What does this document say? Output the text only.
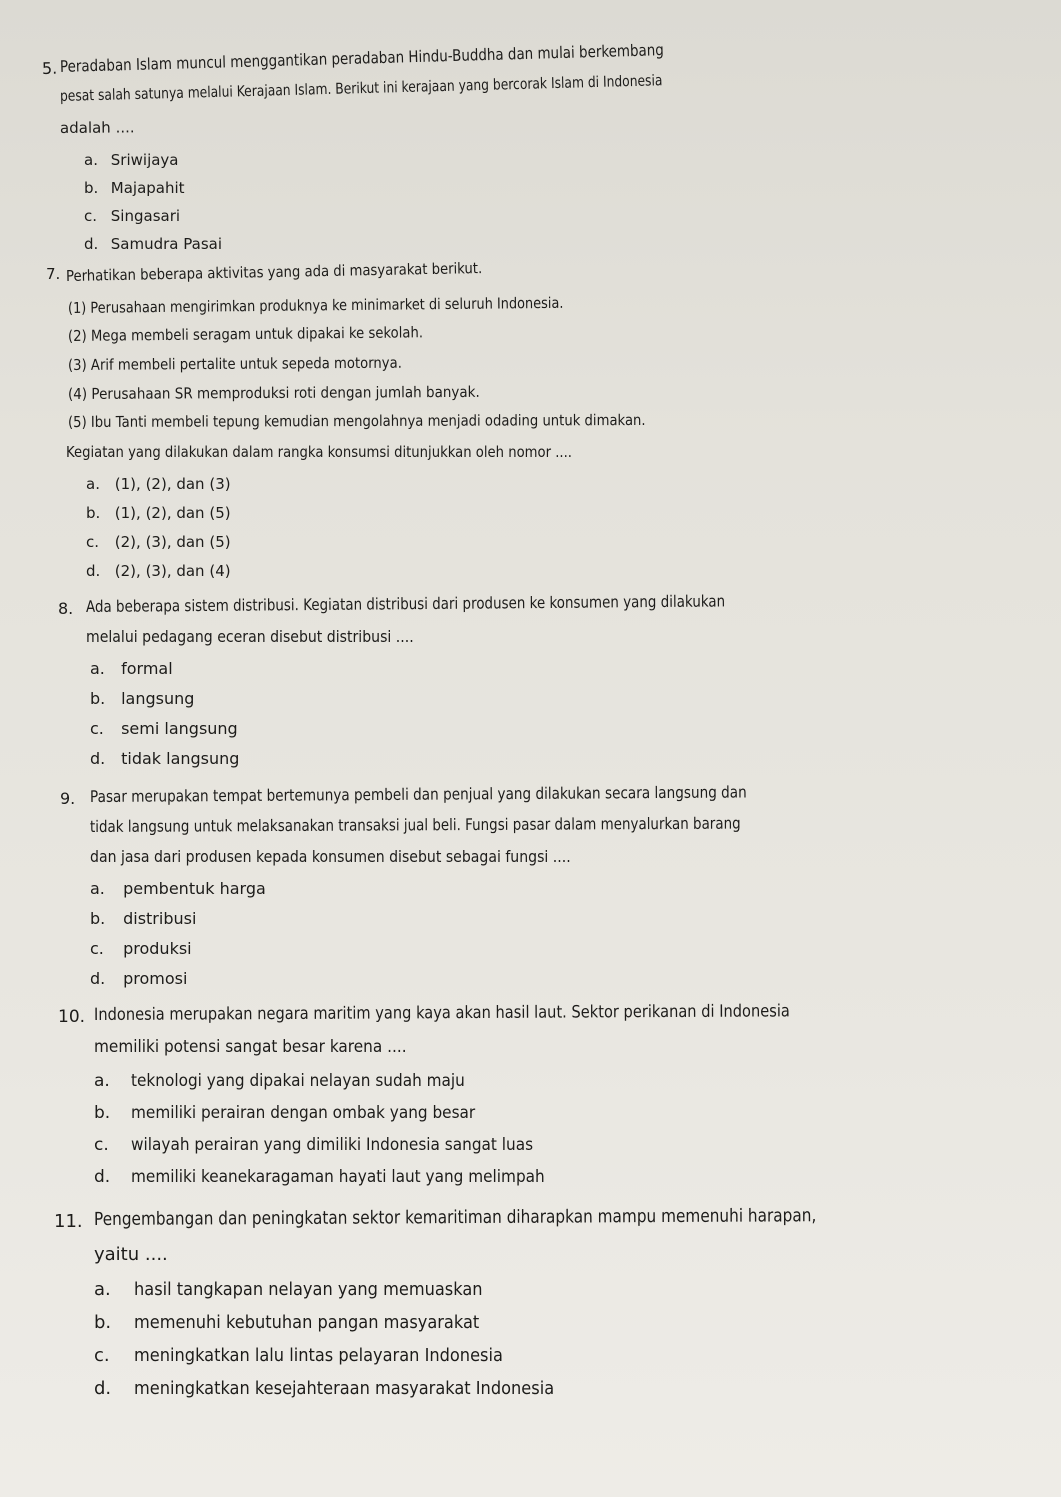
5. Peradaban Islam muncul menggantikan peradaban Hindu-Buddha dan mulai berkembang
pesat salah satunya melalui Kerajaan Islam. Berikut ini kerajaan yang bercorak Islam di Indonesia
adalah ....
a. Sriwijaya
b. Majapahit
c. Singasari
d. Samudra Pasai
7. Perhatikan beberapa aktivitas yang ada di masyarakat berikut.
(1) Perusahaan mengirimkan produknya ke minimarket di seluruh Indonesia.
(2) Mega membeli seragam untuk dipakai ke sekolah.
(3) Arif membeli pertalite untuk sepeda motornya.
(4) Perusahaan SR memproduksi roti dengan jumlah banyak.
(5) Ibu Tanti membeli tepung kemudian mengolahnya menjadi odading untuk dimakan.
Kegiatan yang dilakukan dalam rangka konsumsi ditunjukkan oleh nomor ....
a. (1), (2), dan (3)
b. (1), (2), dan (5)
c. (2), (3), dan (5)
d. (2), (3), dan (4)
8. Ada beberapa sistem distribusi. Kegiatan distribusi dari produsen ke konsumen yang dilakukan
melalui pedagang eceran disebut distribusi ....
a. formal
b. langsung
c. semi langsung
d. tidak langsung
9. Pasar merupakan tempat bertemunya pembeli dan penjual yang dilakukan secara langsung dan
tidak langsung untuk melaksanakan transaksi jual beli. Fungsi pasar dalam menyalurkan barang
dan jasa dari produsen kepada konsumen disebut sebagai fungsi ....
a. pembentuk harga
b. distribusi
c. produksi
d. promosi
10. Indonesia merupakan negara maritim yang kaya akan hasil laut. Sektor perikanan di Indonesia
memiliki potensi sangat besar karena ....
a. teknologi yang dipakai nelayan sudah maju
b. memiliki perairan dengan ombak yang besar
c. wilayah perairan yang dimiliki Indonesia sangat luas
d. memiliki keanekaragaman hayati laut yang melimpah
11. Pengembangan dan peningkatan sektor kemaritiman diharapkan mampu memenuhi harapan,
yaitu ....
a. hasil tangkapan nelayan yang memuaskan
b. memenuhi kebutuhan pangan masyarakat
c. meningkatkan lalu lintas pelayaran Indonesia
d. meningkatkan kesejahteraan masyarakat Indonesia
